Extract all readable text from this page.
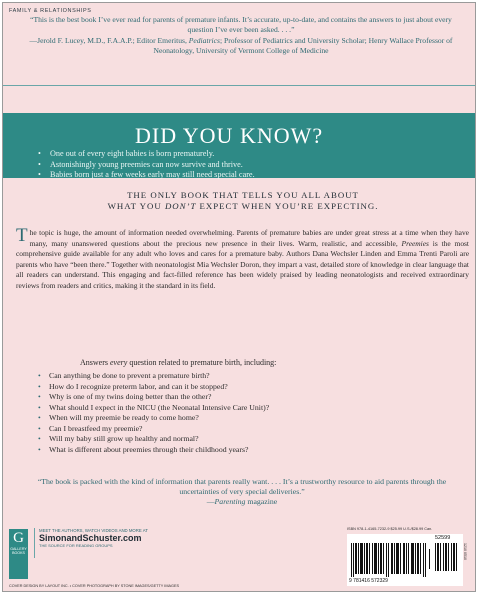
FAMILY & RELATIONSHIPS
“This is the best book I’ve ever read for parents of premature infants. It’s accurate, up-to-date, and contains the answers to just about every question I’ve ever been asked. . . .”
—Jerold F. Lucey, M.D., F.A.A.P.; Editor Emeritus, Pediatrics; Professor of Pediatrics and University Scholar; Henry Wallace Professor of Neonatology, University of Vermont College of Medicine
DID YOU KNOW?
• One out of every eight babies is born prematurely.
• Astonishingly young preemies can now survive and thrive.
• Babies born just a few weeks early may still need special care.
THE ONLY BOOK THAT TELLS YOU ALL ABOUT
WHAT YOU DON’T EXPECT WHEN YOU’RE EXPECTING.

The topic is huge, the amount of information needed overwhelming. Parents of premature babies are under great stress at a time when they have many, many unanswered questions about the precious new presence in their lives. Warm, realistic, and accessible, Preemies is the most comprehensive guide available for any adult who loves and cares for a premature baby. Authors Dana Wechsler Linden and Emma Trenti Paroli are parents who have “been there.” Together with neonatologist Mia Wechsler Doron, they impart a vast, detailed store of knowledge in clear language that all readers can understand. This engaging and fact-filled reference has been widely praised by leading neonatologists and received extraordinary reviews from readers and critics, making it the standard in its field.

Answers every question related to premature birth, including:
• Can anything be done to prevent a premature birth?
• How do I recognize preterm labor, and can it be stopped?
• Why is one of my twins doing better than the other?
• What should I expect in the NICU (the Neonatal Intensive Care Unit)?
• When will my preemie be ready to come home?
• Can I breastfeed my preemie?
• Will my baby still grow up healthy and normal?
• What is different about preemies through their childhood years?
“The book is packed with the kind of information that parents really want. . . . It’s a trustworthy resource to aid parents through the uncertainties of very special deliveries.”
—Parenting magazine
G
GALLERY BOOKS
MEET THE AUTHORS, WATCH VIDEOS AND MORE AT
SimonandSchuster.com
THE SOURCE FOR READING GROUPS
COVER DESIGN BY LAYOUT INC. • COVER PHOTOGRAPH BY STONE IMAGES/GETTY IMAGES
ISBN 978-1-4165-7232-9 $25.99 U.S./$28.99 Can.
52599
9 781416 572329
1210 0510
